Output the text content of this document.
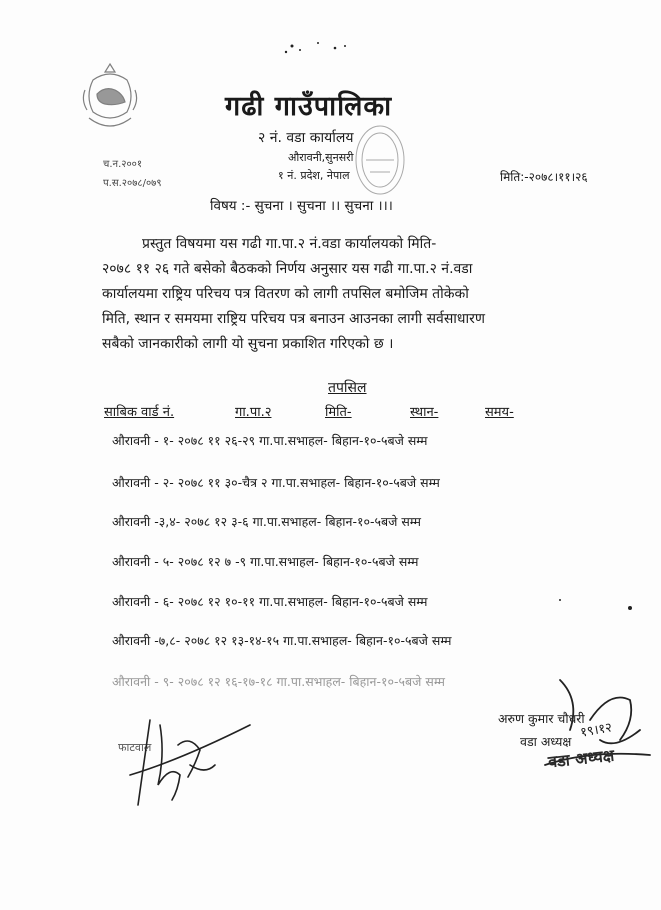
गढी गाउँपालिका
२ नं. वडा कार्यालय
औरावनी,सुनसरी
१ नं. प्रदेश, नेपाल
च.न.२००१
प.स.२०७८/०७९	मिति:-२०७८।११।२६
विषय :- सुचना । सुचना ।। सुचना ।।।
प्रस्तुत विषयमा यस गढी गा.पा.२ नं.वडा कार्यालयको मिति-
२०७८ ११ २६ गते बसेको बैठकको निर्णय अनुसार यस गढी गा.पा.२ नं.वडा
कार्यालयमा राष्ट्रिय परिचय पत्र वितरण को लागी तपसिल बमोजिम तोकेको
मिति, स्थान र समयमा राष्ट्रिय परिचय पत्र बनाउन आउनका लागी सर्वसाधारण
सबैको जानकारीको लागी यो सुचना प्रकाशित गरिएको छ ।
तपसिल
साबिक वार्ड नं.	गा.पा.२	मिति-	स्थान-	समय-
औरावनी - १- २०७८ ११ २६-२९ गा.पा.सभाहल- बिहान-१०-५बजे सम्म
औरावनी - २- २०७८ ११ ३०-चैत्र २ गा.पा.सभाहल- बिहान-१०-५बजे सम्म
औरावनी -३,४- २०७८ १२ ३-६ गा.पा.सभाहल- बिहान-१०-५बजे सम्म
औरावनी - ५- २०७८ १२ ७ -९ गा.पा.सभाहल- बिहान-१०-५बजे सम्म
औरावनी - ६- २०७८ १२ १०-११ गा.पा.सभाहल- बिहान-१०-५बजे सम्म
औरावनी -७,८- २०७८ १२ १३-१४-१५ गा.पा.सभाहल- बिहान-१०-५बजे सम्म
औरावनी - ९- २०७८ १२ १६-१७-१८ गा.पा.सभाहल- बिहान-१०-५बजे सम्म
फाटवाल
अरुण कुमार चौधरी
वडा अध्यक्ष
१९।१२
वडा अध्यक्ष
